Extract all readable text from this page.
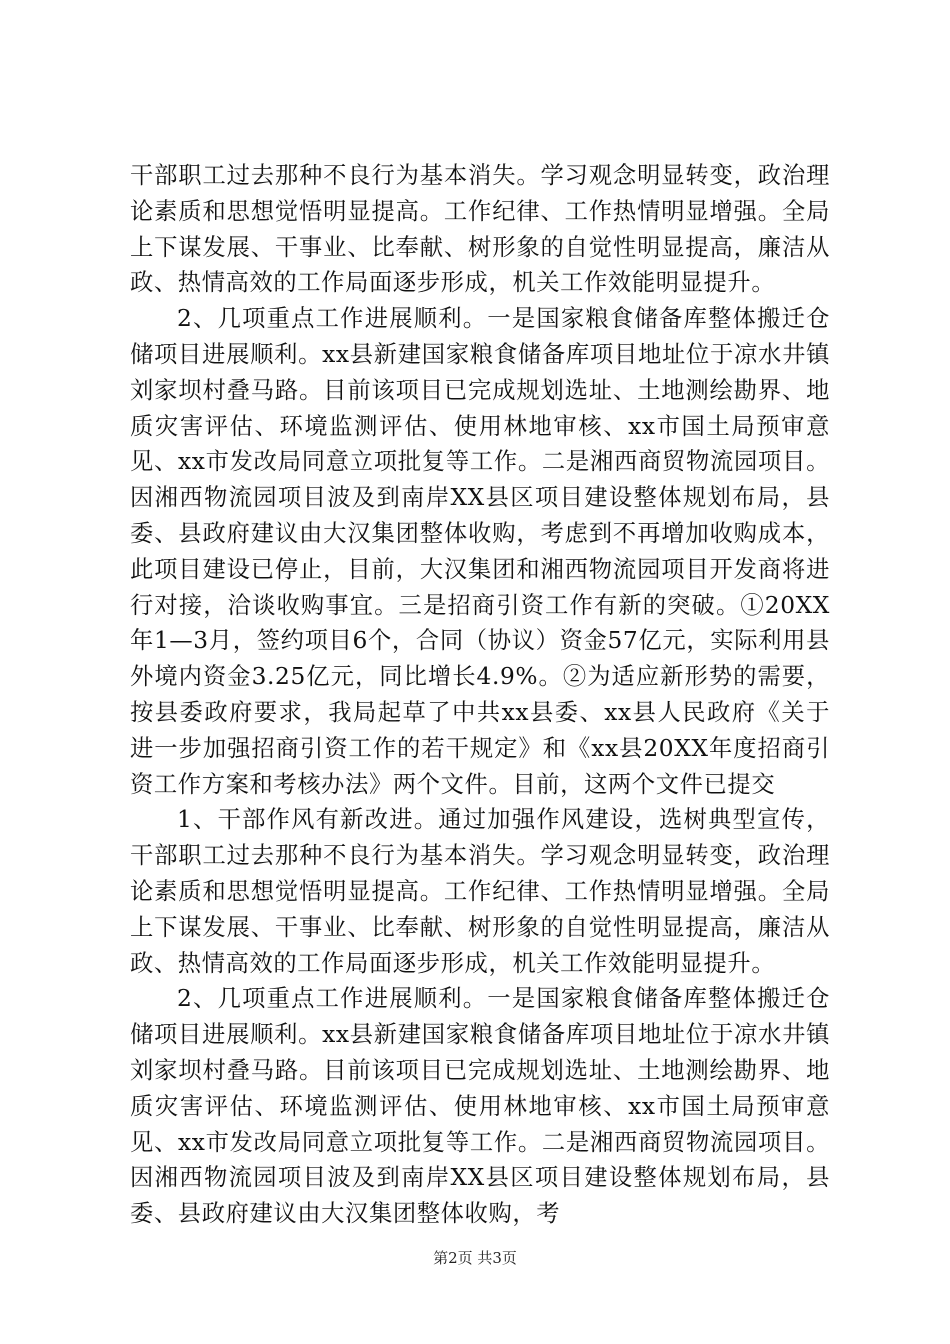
干部职工过去那种不良行为基本消失。学习观念明显转变，政治理论素质和思想觉悟明显提高。工作纪律、工作热情明显增强。全局上下谋发展、干事业、比奉献、树形象的自觉性明显提高，廉洁从政、热情高效的工作局面逐步形成，机关工作效能明显提升。

2、几项重点工作进展顺利。一是国家粮食储备库整体搬迁仓储项目进展顺利。xx县新建国家粮食储备库项目地址位于凉水井镇刘家坝村叠马路。目前该项目已完成规划选址、土地测绘勘界、地质灾害评估、环境监测评估、使用林地审核、xx市国土局预审意见、xx市发改局同意立项批复等工作。二是湘西商贸物流园项目。因湘西物流园项目波及到南岸XX县区项目建设整体规划布局，县委、县政府建议由大汉集团整体收购，考虑到不再增加收购成本，此项目建设已停止，目前，大汉集团和湘西物流园项目开发商将进行对接，洽谈收购事宜。三是招商引资工作有新的突破。①20XX年1—3月，签约项目6个，合同（协议）资金57亿元，实际利用县外境内资金3.25亿元，同比增长4.9%。②为适应新形势的需要，按县委政府要求，我局起草了中共xx县委、xx县人民政府《关于进一步加强招商引资工作的若干规定》和《xx县20XX年度招商引资工作方案和考核办法》两个文件。目前，这两个文件已提交

1、干部作风有新改进。通过加强作风建设，选树典型宣传，干部职工过去那种不良行为基本消失。学习观念明显转变，政治理论素质和思想觉悟明显提高。工作纪律、工作热情明显增强。全局上下谋发展、干事业、比奉献、树形象的自觉性明显提高，廉洁从政、热情高效的工作局面逐步形成，机关工作效能明显提升。

2、几项重点工作进展顺利。一是国家粮食储备库整体搬迁仓储项目进展顺利。xx县新建国家粮食储备库项目地址位于凉水井镇刘家坝村叠马路。目前该项目已完成规划选址、土地测绘勘界、地质灾害评估、环境监测评估、使用林地审核、xx市国土局预审意见、xx市发改局同意立项批复等工作。二是湘西商贸物流园项目。因湘西物流园项目波及到南岸XX县区项目建设整体规划布局，县委、县政府建议由大汉集团整体收购，考

第2页 共3页
